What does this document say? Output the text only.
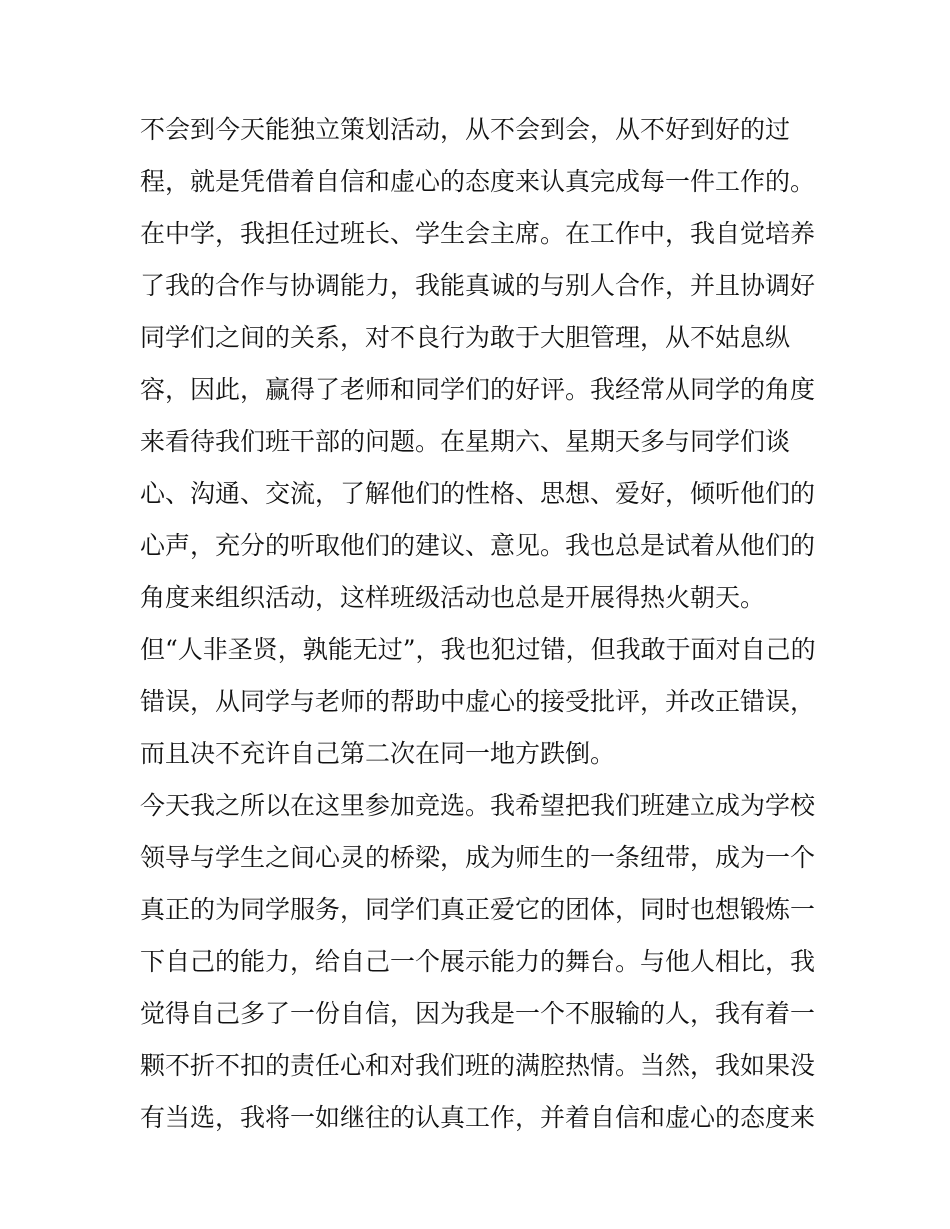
不会到今天能独立策划活动，从不会到会，从不好到好的过
程，就是凭借着自信和虚心的态度来认真完成每一件工作的。
在中学，我担任过班长、学生会主席。在工作中，我自觉培养
了我的合作与协调能力，我能真诚的与别人合作，并且协调好
同学们之间的关系，对不良行为敢于大胆管理，从不姑息纵
容，因此，赢得了老师和同学们的好评。我经常从同学的角度
来看待我们班干部的问题。在星期六、星期天多与同学们谈
心、沟通、交流，了解他们的性格、思想、爱好，倾听他们的
心声，充分的听取他们的建议、意见。我也总是试着从他们的
角度来组织活动，这样班级活动也总是开展得热火朝天。
但“人非圣贤，孰能无过”，我也犯过错，但我敢于面对自己的
错误，从同学与老师的帮助中虚心的接受批评，并改正错误，
而且决不充许自己第二次在同一地方跌倒。
今天我之所以在这里参加竞选。我希望把我们班建立成为学校
领导与学生之间心灵的桥梁，成为师生的一条纽带，成为一个
真正的为同学服务，同学们真正爱它的团体，同时也想锻炼一
下自己的能力，给自己一个展示能力的舞台。与他人相比，我
觉得自己多了一份自信，因为我是一个不服输的人，我有着一
颗不折不扣的责任心和对我们班的满腔热情。当然，我如果没
有当选，我将一如继往的认真工作，并着自信和虚心的态度来
